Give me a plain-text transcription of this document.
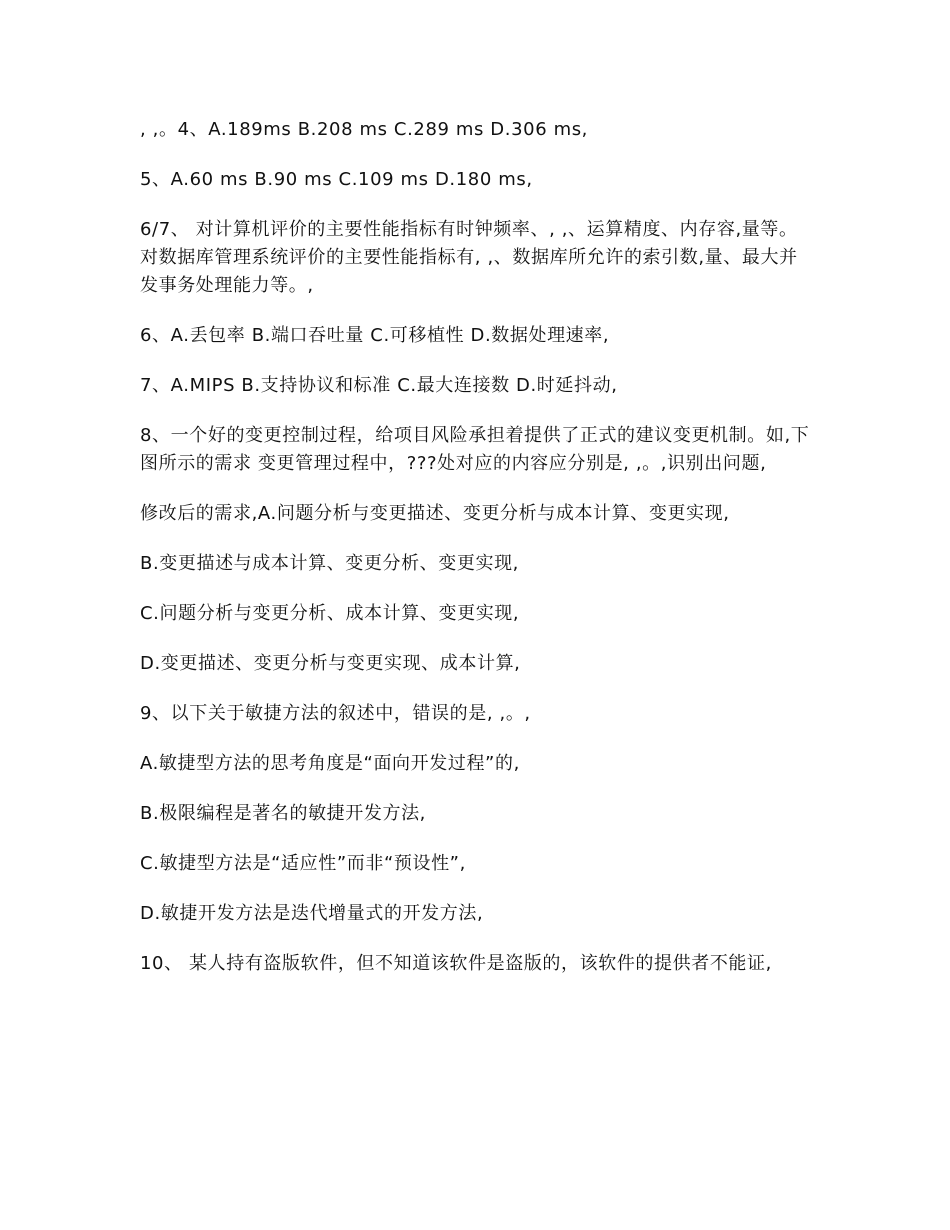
, ,。4、A.189ms B.208 ms C.289 ms D.306 ms,

5、A.60 ms B.90 ms C.109 ms D.180 ms,

6/7、 对计算机评价的主要性能指标有时钟频率、, ,、运算精度、内存容,量等。对数据库管理系统评价的主要性能指标有, ,、数据库所允许的索引数,量、最大并发事务处理能力等。,

6、A.丢包率 B.端口吞吐量 C.可移植性 D.数据处理速率,

7、A.MIPS B.支持协议和标准 C.最大连接数 D.时延抖动,

8、一个好的变更控制过程，给项目风险承担着提供了正式的建议变更机制。如,下图所示的需求 变更管理过程中，???处对应的内容应分别是, ,。,识别出问题,

修改后的需求,A.问题分析与变更描述、变更分析与成本计算、变更实现,

B.变更描述与成本计算、变更分析、变更实现,

C.问题分析与变更分析、成本计算、变更实现,

D.变更描述、变更分析与变更实现、成本计算,

9、以下关于敏捷方法的叙述中，错误的是, ,。,

A.敏捷型方法的思考角度是“面向开发过程”的,

B.极限编程是著名的敏捷开发方法,

C.敏捷型方法是“适应性”而非“预设性”,

D.敏捷开发方法是迭代增量式的开发方法,

10、 某人持有盗版软件，但不知道该软件是盗版的，该软件的提供者不能证,
